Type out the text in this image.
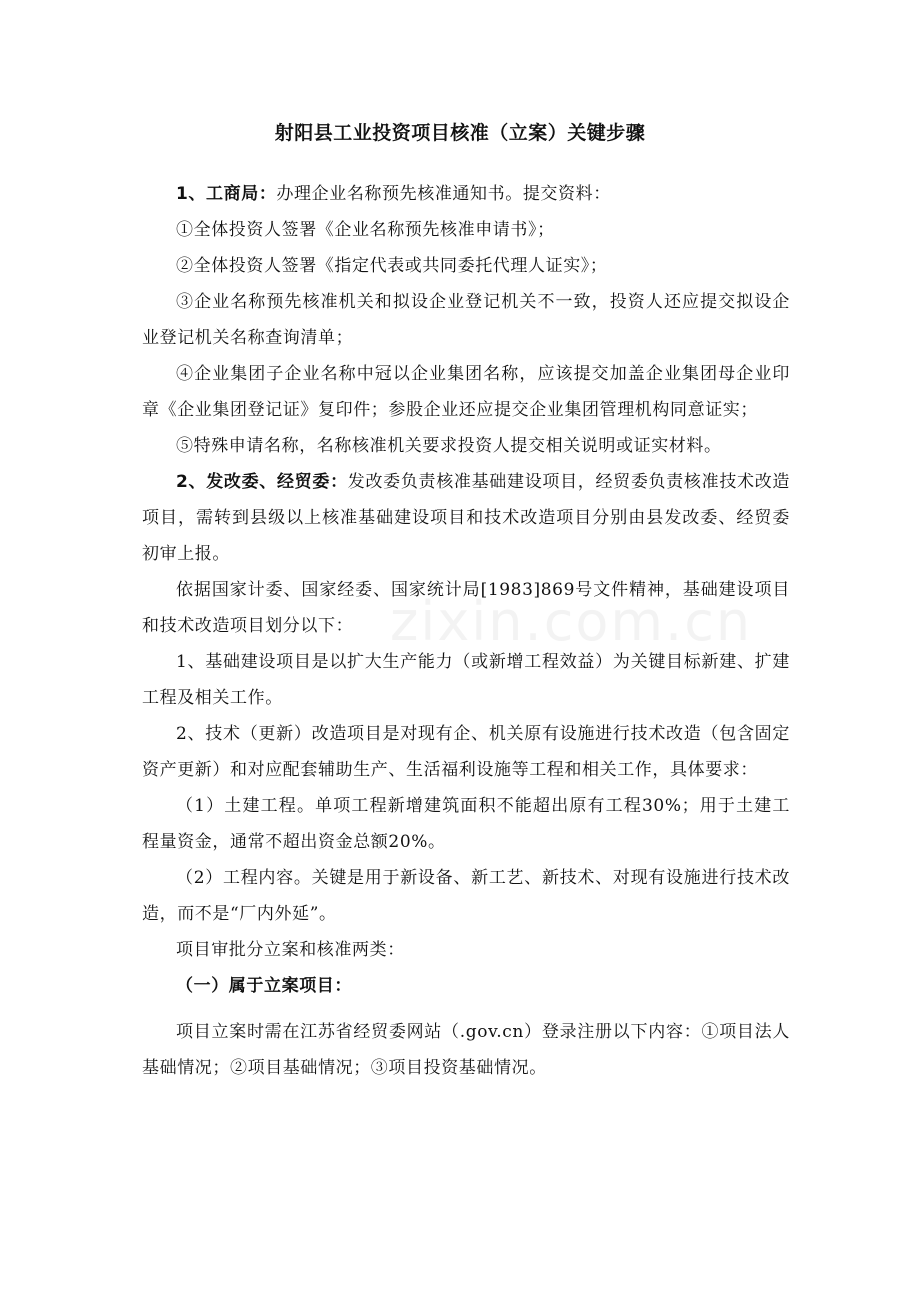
zixin.com.cn
射阳县工业投资项目核准（立案）关键步骤

1、工商局：办理企业名称预先核准通知书。提交资料：

①全体投资人签署《企业名称预先核准申请书》；

②全体投资人签署《指定代表或共同委托代理人证实》；

③企业名称预先核准机关和拟设企业登记机关不一致，投资人还应提交拟设企业登记机关名称查询清单；

④企业集团子企业名称中冠以企业集团名称，应该提交加盖企业集团母企业印章《企业集团登记证》复印件；参股企业还应提交企业集团管理机构同意证实；

⑤特殊申请名称，名称核准机关要求投资人提交相关说明或证实材料。

2、发改委、经贸委：发改委负责核准基础建设项目，经贸委负责核准技术改造项目，需转到县级以上核准基础建设项目和技术改造项目分别由县发改委、经贸委初审上报。

依据国家计委、国家经委、国家统计局[1983]869号文件精神，基础建设项目和技术改造项目划分以下：

1、基础建设项目是以扩大生产能力（或新增工程效益）为关键目标新建、扩建工程及相关工作。

2、技术（更新）改造项目是对现有企、机关原有设施进行技术改造（包含固定资产更新）和对应配套辅助生产、生活福利设施等工程和相关工作，具体要求：

（1）土建工程。单项工程新增建筑面积不能超出原有工程30%；用于土建工程量资金，通常不超出资金总额20%。

（2）工程内容。关键是用于新设备、新工艺、新技术、对现有设施进行技术改造，而不是“厂内外延”。

项目审批分立案和核准两类：

（一）属于立案项目：

项目立案时需在江苏省经贸委网站（.gov.cn）登录注册以下内容：①项目法人基础情况；②项目基础情况；③项目投资基础情况。
